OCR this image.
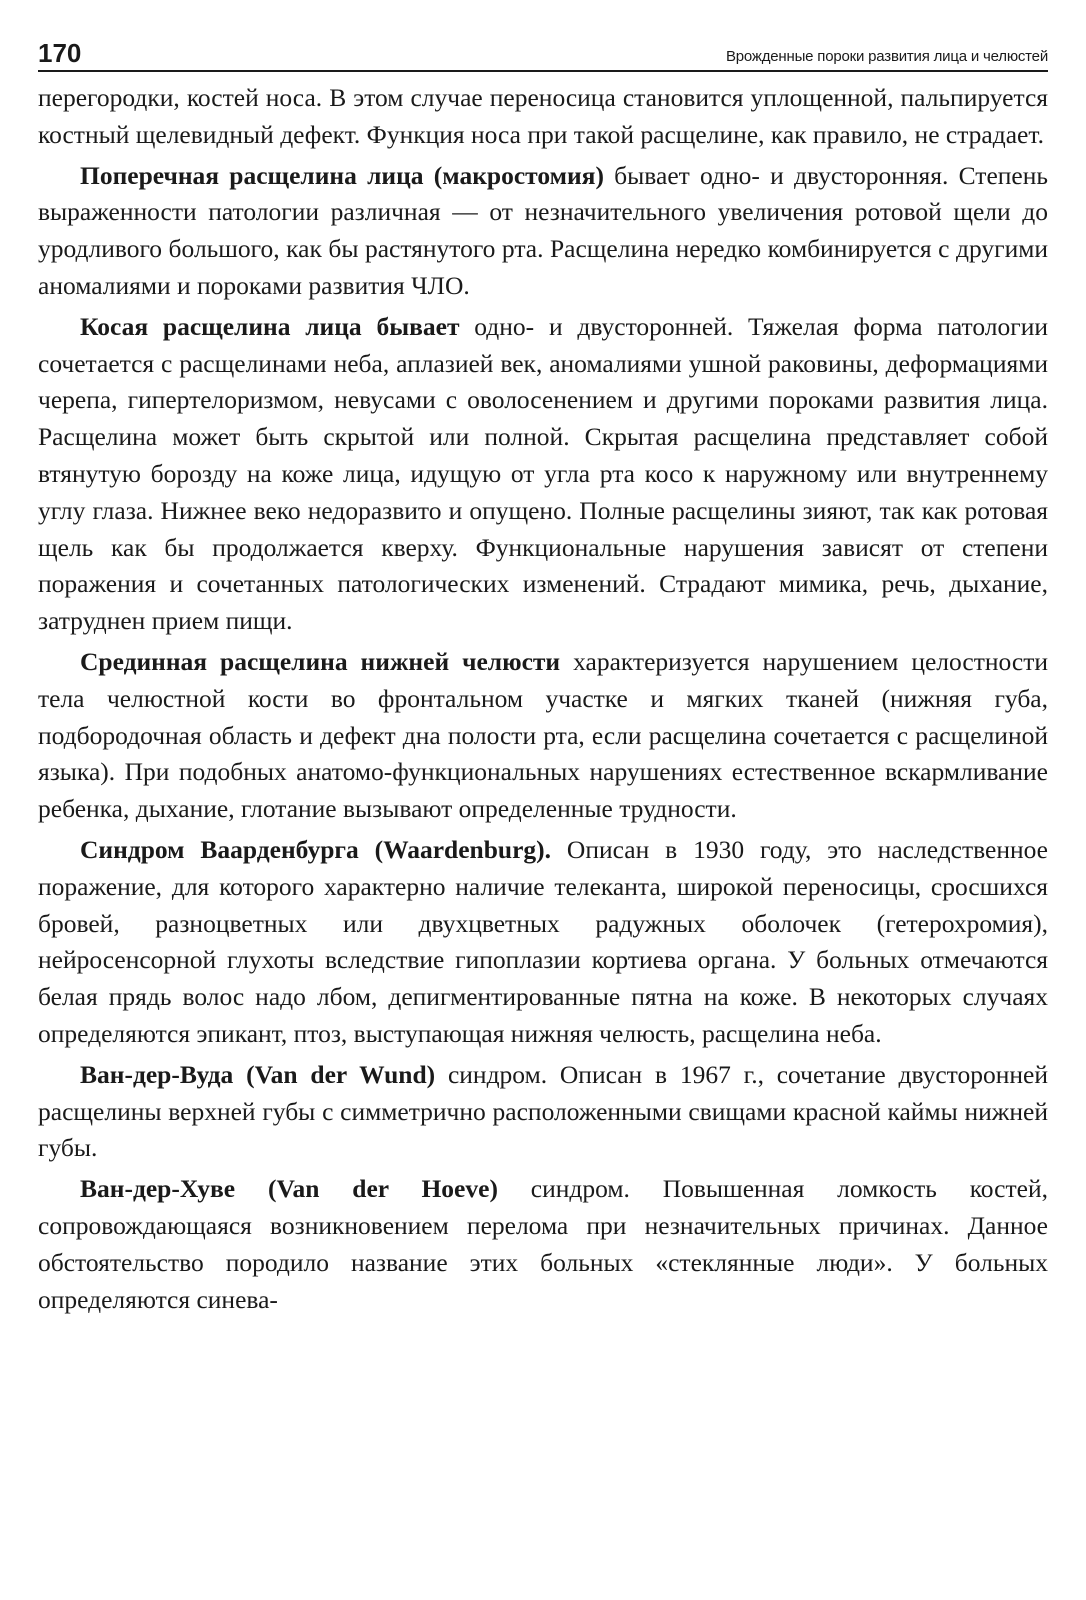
170	Врожденные пороки развития лица и челюстей

перегородки, костей носа. В этом случае переносица становится уплощенной, пальпируется костный щелевидный дефект. Функция носа при такой расщелине, как правило, не страдает.

Поперечная расщелина лица (макростомия) бывает одно- и двусторонняя. Степень выраженности патологии различная — от незначительного увеличения ротовой щели до уродливого большого, как бы растянутого рта. Расщелина нередко комбинируется с другими аномалиями и пороками развития ЧЛО.

Косая расщелина лица бывает одно- и двусторонней. Тяжелая форма патологии сочетается с расщелинами неба, аплазией век, аномалиями ушной раковины, деформациями черепа, гипертелоризмом, невусами с оволосенением и другими пороками развития лица. Расщелина может быть скрытой или полной. Скрытая расщелина представляет собой втянутую борозду на коже лица, идущую от угла рта косо к наружному или внутреннему углу глаза. Нижнее веко недоразвито и опущено. Полные расщелины зияют, так как ротовая щель как бы продолжается кверху. Функциональные нарушения зависят от степени поражения и сочетанных патологических изменений. Страдают мимика, речь, дыхание, затруднен прием пищи.

Срединная расщелина нижней челюсти характеризуется нарушением целостности тела челюстной кости во фронтальном участке и мягких тканей (нижняя губа, подбородочная область и дефект дна полости рта, если расщелина сочетается с расщелиной языка). При подобных анатомо-функциональных нарушениях естественное вскармливание ребенка, дыхание, глотание вызывают определенные трудности.

Синдром Ваарденбурга (Waardenburg). Описан в 1930 году, это наследственное поражение, для которого характерно наличие телеканта, широкой переносицы, сросшихся бровей, разноцветных или двухцветных радужных оболочек (гетерохромия), нейросенсорной глухоты вследствие гипоплазии кортиева органа. У больных отмечаются белая прядь волос надо лбом, депигментированные пятна на коже. В некоторых случаях определяются эпикант, птоз, выступающая нижняя челюсть, расщелина неба.

Ван-дер-Вуда (Van der Wund) синдром. Описан в 1967 г., сочетание двусторонней расщелины верхней губы с симметрично расположенными свищами красной каймы нижней губы.

Ван-дер-Хуве (Van der Hoeve) синдром. Повышенная ломкость костей, сопровождающаяся возникновением перелома при незначительных причинах. Данное обстоятельство породило название этих больных «стеклянные люди». У больных определяются синева-
